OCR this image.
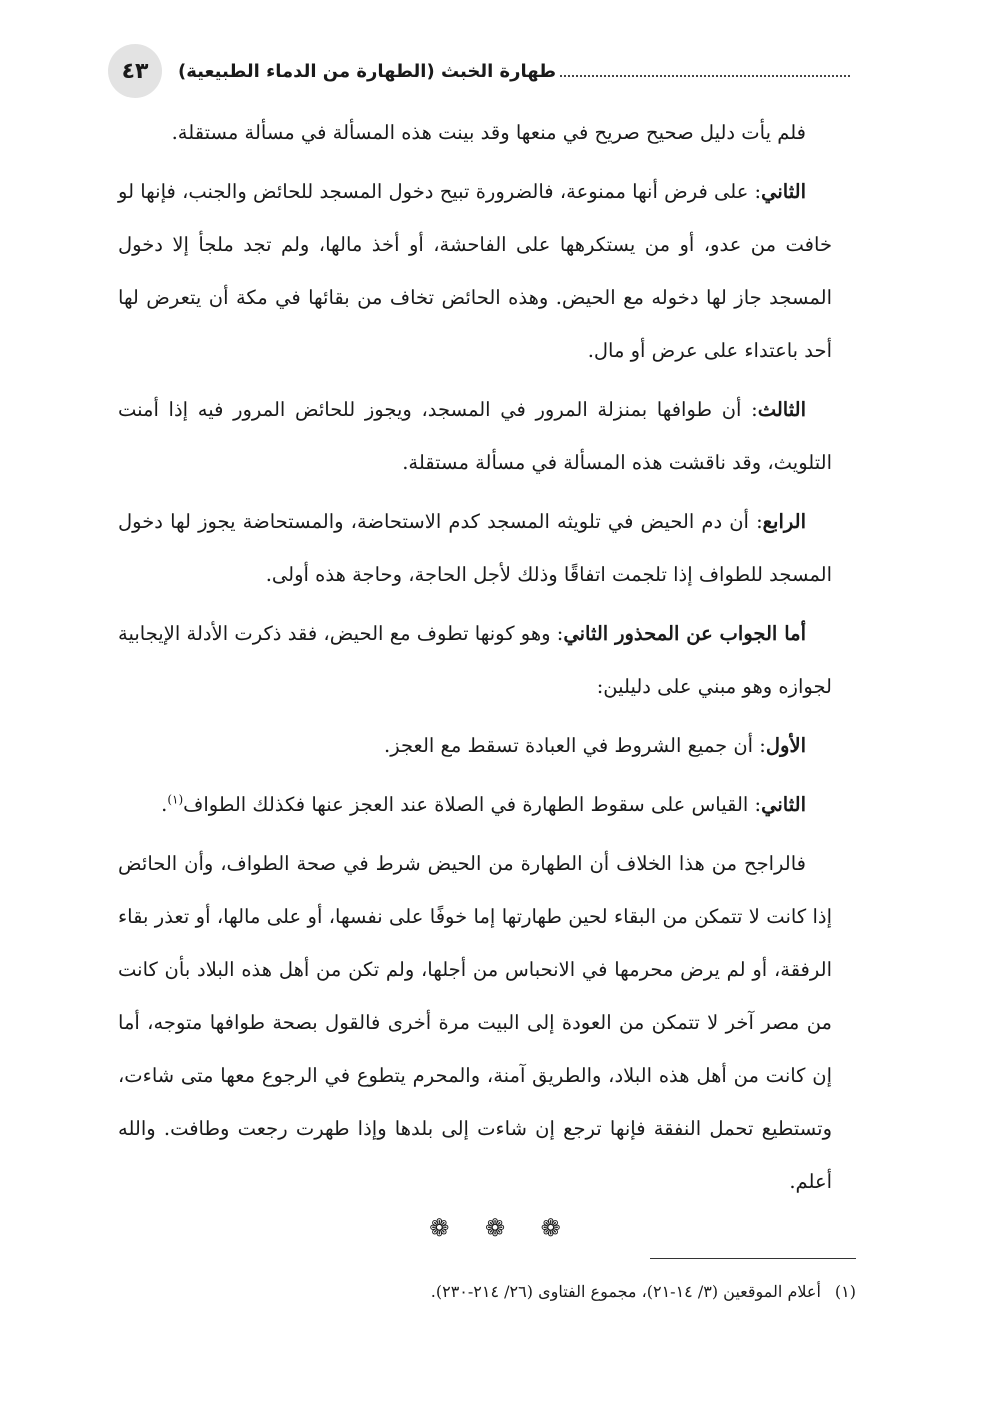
٤٣	طهارة الخبث (الطهارة من الدماء الطبيعية)

فلم يأت دليل صحيح صريح في منعها وقد بينت هذه المسألة في مسألة مستقلة.

الثاني: على فرض أنها ممنوعة، فالضرورة تبيح دخول المسجد للحائض والجنب، فإنها لو خافت من عدو، أو من يستكرهها على الفاحشة، أو أخذ مالها، ولم تجد ملجأ إلا دخول المسجد جاز لها دخوله مع الحيض. وهذه الحائض تخاف من بقائها في مكة أن يتعرض لها أحد باعتداء على عرض أو مال.

الثالث: أن طوافها بمنزلة المرور في المسجد، ويجوز للحائض المرور فيه إذا أمنت التلويث، وقد ناقشت هذه المسألة في مسألة مستقلة.

الرابع: أن دم الحيض في تلويثه المسجد كدم الاستحاضة، والمستحاضة يجوز لها دخول المسجد للطواف إذا تلجمت اتفاقًا وذلك لأجل الحاجة، وحاجة هذه أولى.

أما الجواب عن المحذور الثاني: وهو كونها تطوف مع الحيض، فقد ذكرت الأدلة الإيجابية لجوازه وهو مبني على دليلين:

الأول: أن جميع الشروط في العبادة تسقط مع العجز.

الثاني: القياس على سقوط الطهارة في الصلاة عند العجز عنها فكذلك الطواف$^{(١)}$.

فالراجح من هذا الخلاف أن الطهارة من الحيض شرط في صحة الطواف، وأن الحائض إذا كانت لا تتمكن من البقاء لحين طهارتها إما خوفًا على نفسها، أو على مالها، أو تعذر بقاء الرفقة، أو لم يرض محرمها في الانحباس من أجلها، ولم تكن من أهل هذه البلاد بأن كانت من مصر آخر لا تتمكن من العودة إلى البيت مرة أخرى فالقول بصحة طوافها متوجه، أما إن كانت من أهل هذه البلاد، والطريق آمنة، والمحرم يتطوع في الرجوع معها متى شاءت، وتستطيع تحمل النفقة فإنها ترجع إن شاءت إلى بلدها وإذا طهرت رجعت وطافت. والله أعلم.

❁ ❁ ❁
(١)أعلام الموقعين (٣/ ١٤-٢١)، مجموع الفتاوى (٢٦/ ٢١٤-٢٣٠).
